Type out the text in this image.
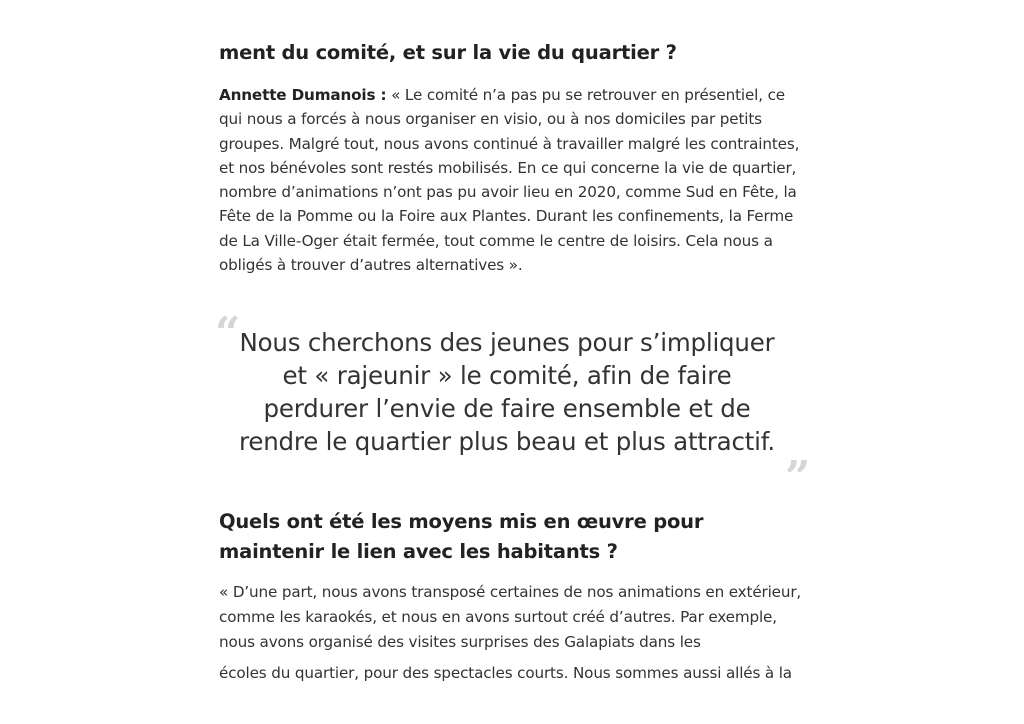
ment du comité, et sur la vie du quartier ?

Annette Dumanois : « Le comité n’a pas pu se retrouver en présentiel, ce qui nous a forcés à nous organiser en visio, ou à nos domiciles par petits groupes. Malgré tout, nous avons continué à travailler malgré les contraintes, et nos bénévoles sont restés mobilisés. En ce qui concerne la vie de quartier, nombre d’animations n’ont pas pu avoir lieu en 2020, comme Sud en Fête, la Fête de la Pomme ou la Foire aux Plantes. Durant les confinements, la Ferme de La Ville-Oger était fermée, tout comme le centre de loisirs. Cela nous a obligés à trouver d’autres alternatives ».

“ Nous cherchons des jeunes pour s’impliquer et « rajeunir » le comité, afin de faire perdurer l’envie de faire ensemble et de rendre le quartier plus beau et plus attractif.
”
Quels ont été les moyens mis en œuvre pour maintenir le lien avec les habitants ?

« D’une part, nous avons transposé certaines de nos animations en extérieur, comme les karaokés, et nous en avons surtout créé d’autres. Par exemple, nous avons organisé des visites surprises des Galapiats dans les
écoles du quartier, pour des spectacles courts. Nous sommes aussi allés à la
